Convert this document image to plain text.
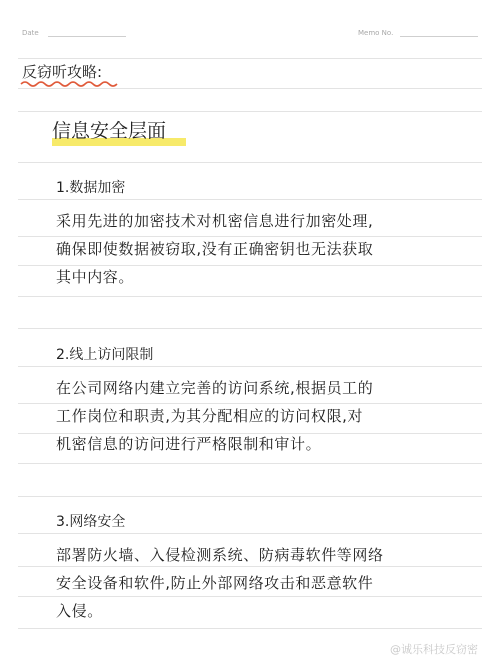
Date	Memo No.
反窃听攻略:
信息安全层面
1.数据加密
采用先进的加密技术对机密信息进行加密处理,
确保即使数据被窃取,没有正确密钥也无法获取
其中内容。
2.线上访问限制
在公司网络内建立完善的访问系统,根据员工的
工作岗位和职责,为其分配相应的访问权限,对
机密信息的访问进行严格限制和审计。
3.网络安全
部署防火墙、入侵检测系统、防病毒软件等网络
安全设备和软件,防止外部网络攻击和恶意软件
入侵。
@诚乐科技反窃密
